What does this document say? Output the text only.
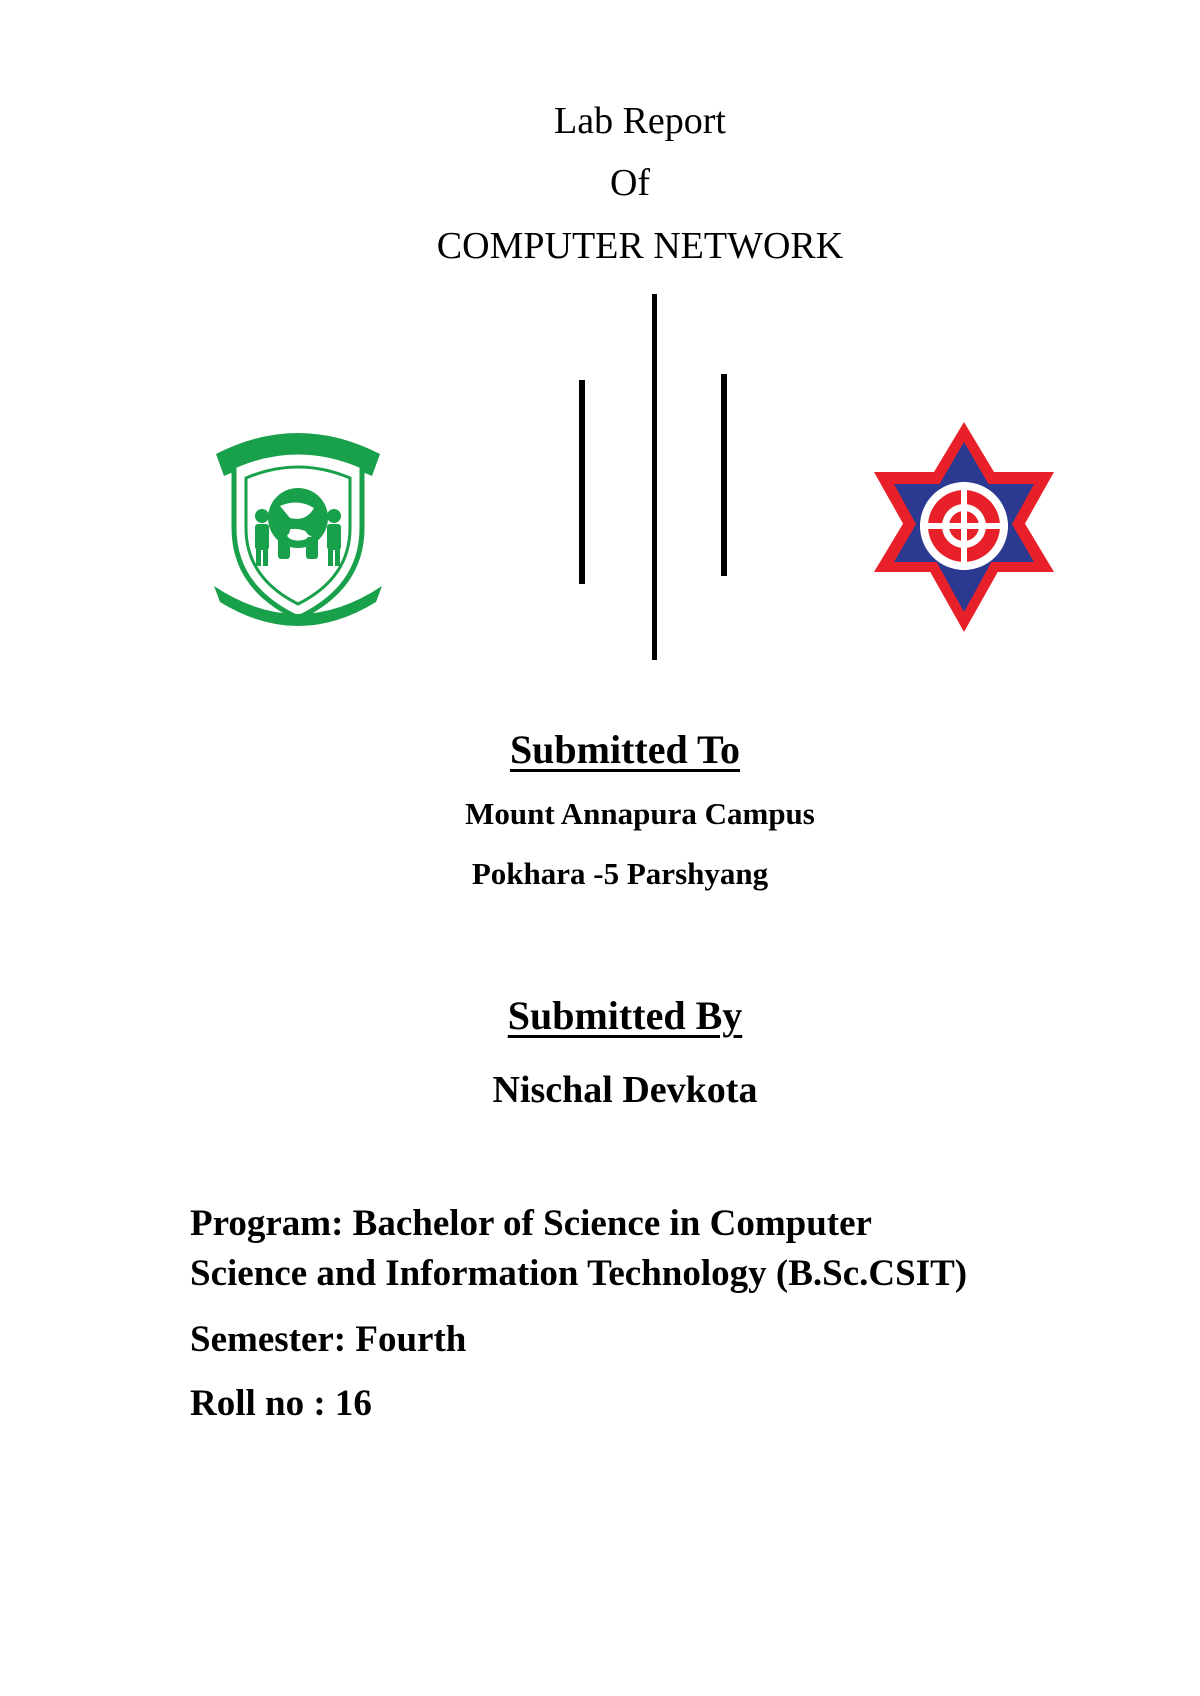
Lab Report
Of
COMPUTER NETWORK
Submitted To
Mount Annapura Campus
Pokhara -5 Parshyang
Submitted By
Nischal Devkota
Program: Bachelor of Science in Computer
Science and Information Technology (B.Sc.CSIT)
Semester: Fourth
Roll no : 16
